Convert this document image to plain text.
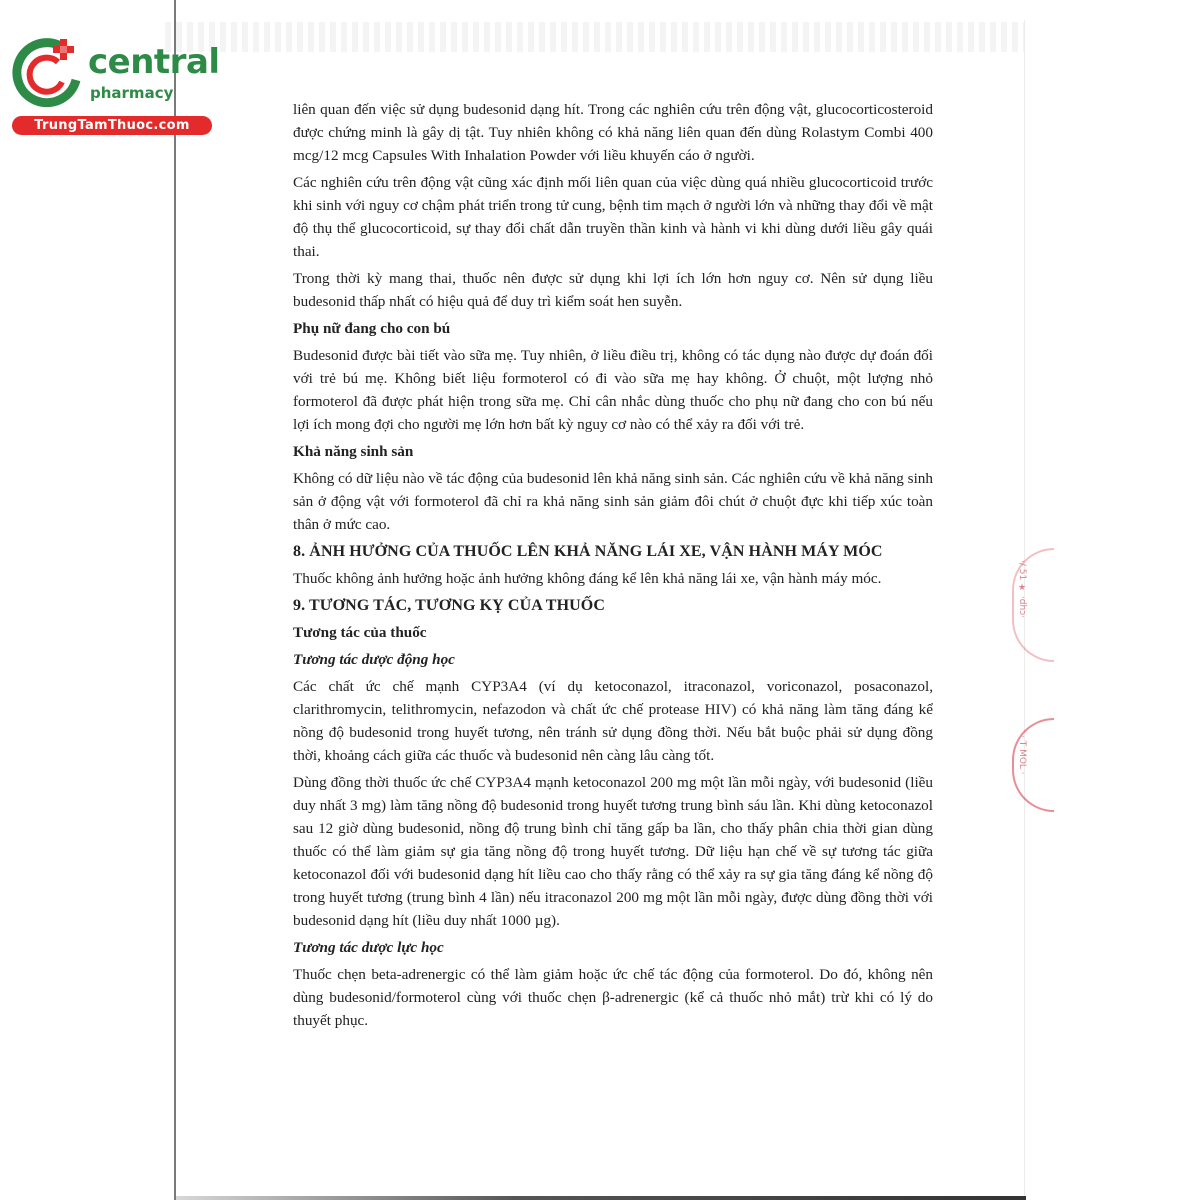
central
pharmacy
TrungTamThuoc.com

liên quan đến việc sử dụng budesonid dạng hít. Trong các nghiên cứu trên động vật, glucocorticosteroid được chứng minh là gây dị tật. Tuy nhiên không có khả năng liên quan đến dùng Rolastym Combi 400 mcg/12 mcg Capsules With Inhalation Powder với liều khuyến cáo ở người.

Các nghiên cứu trên động vật cũng xác định mối liên quan của việc dùng quá nhiều glucocorticoid trước khi sinh với nguy cơ chậm phát triển trong tử cung, bệnh tim mạch ở người lớn và những thay đổi về mật độ thụ thể glucocorticoid, sự thay đổi chất dẫn truyền thần kinh và hành vi khi dùng dưới liều gây quái thai.

Trong thời kỳ mang thai, thuốc nên được sử dụng khi lợi ích lớn hơn nguy cơ. Nên sử dụng liều budesonid thấp nhất có hiệu quả để duy trì kiểm soát hen suyễn.

Phụ nữ đang cho con bú

Budesonid được bài tiết vào sữa mẹ. Tuy nhiên, ở liều điều trị, không có tác dụng nào được dự đoán đối với trẻ bú mẹ. Không biết liệu formoterol có đi vào sữa mẹ hay không. Ở chuột, một lượng nhỏ formoterol đã được phát hiện trong sữa mẹ. Chỉ cân nhắc dùng thuốc cho phụ nữ đang cho con bú nếu lợi ích mong đợi cho người mẹ lớn hơn bất kỳ nguy cơ nào có thể xảy ra đối với trẻ.

Khả năng sinh sản

Không có dữ liệu nào về tác động của budesonid lên khả năng sinh sản. Các nghiên cứu về khả năng sinh sản ở động vật với formoterol đã chỉ ra khả năng sinh sản giảm đôi chút ở chuột đực khi tiếp xúc toàn thân ở mức cao.

8. ẢNH HƯỞNG CỦA THUỐC LÊN KHẢ NĂNG LÁI XE, VẬN HÀNH MÁY MÓC

Thuốc không ảnh hưởng hoặc ảnh hưởng không đáng kể lên khả năng lái xe, vận hành máy móc.

9. TƯƠNG TÁC, TƯƠNG KỴ CỦA THUỐC
Tương tác của thuốc
Tương tác dược động học

Các chất ức chế mạnh CYP3A4 (ví dụ ketoconazol, itraconazol, voriconazol, posaconazol, clarithromycin, telithromycin, nefazodon và chất ức chế protease HIV) có khả năng làm tăng đáng kể nồng độ budesonid trong huyết tương, nên tránh sử dụng đồng thời. Nếu bắt buộc phải sử dụng đồng thời, khoảng cách giữa các thuốc và budesonid nên càng lâu càng tốt.

Dùng đồng thời thuốc ức chế CYP3A4 mạnh ketoconazol 200 mg một lần mỗi ngày, với budesonid (liều duy nhất 3 mg) làm tăng nồng độ budesonid trong huyết tương trung bình sáu lần. Khi dùng ketoconazol sau 12 giờ dùng budesonid, nồng độ trung bình chỉ tăng gấp ba lần, cho thấy phân chia thời gian dùng thuốc có thể làm giảm sự gia tăng nồng độ trong huyết tương. Dữ liệu hạn chế về sự tương tác giữa ketoconazol đối với budesonid dạng hít liều cao cho thấy rằng có thể xảy ra sự gia tăng đáng kể nồng độ trong huyết tương (trung bình 4 lần) nếu itraconazol 200 mg một lần mỗi ngày, được dùng đồng thời với budesonid dạng hít (liều duy nhất 1000 µg).

Tương tác dược lực học

Thuốc chẹn beta-adrenergic có thể làm giảm hoặc ức chế tác động của formoterol. Do đó, không nên dùng budesonid/formoterol cùng với thuốc chẹn β-adrenergic (kể cả thuốc nhỏ mắt) trừ khi có lý do thuyết phục.

·/ 51 ★ ·dhɔ·
· T MOL ·
